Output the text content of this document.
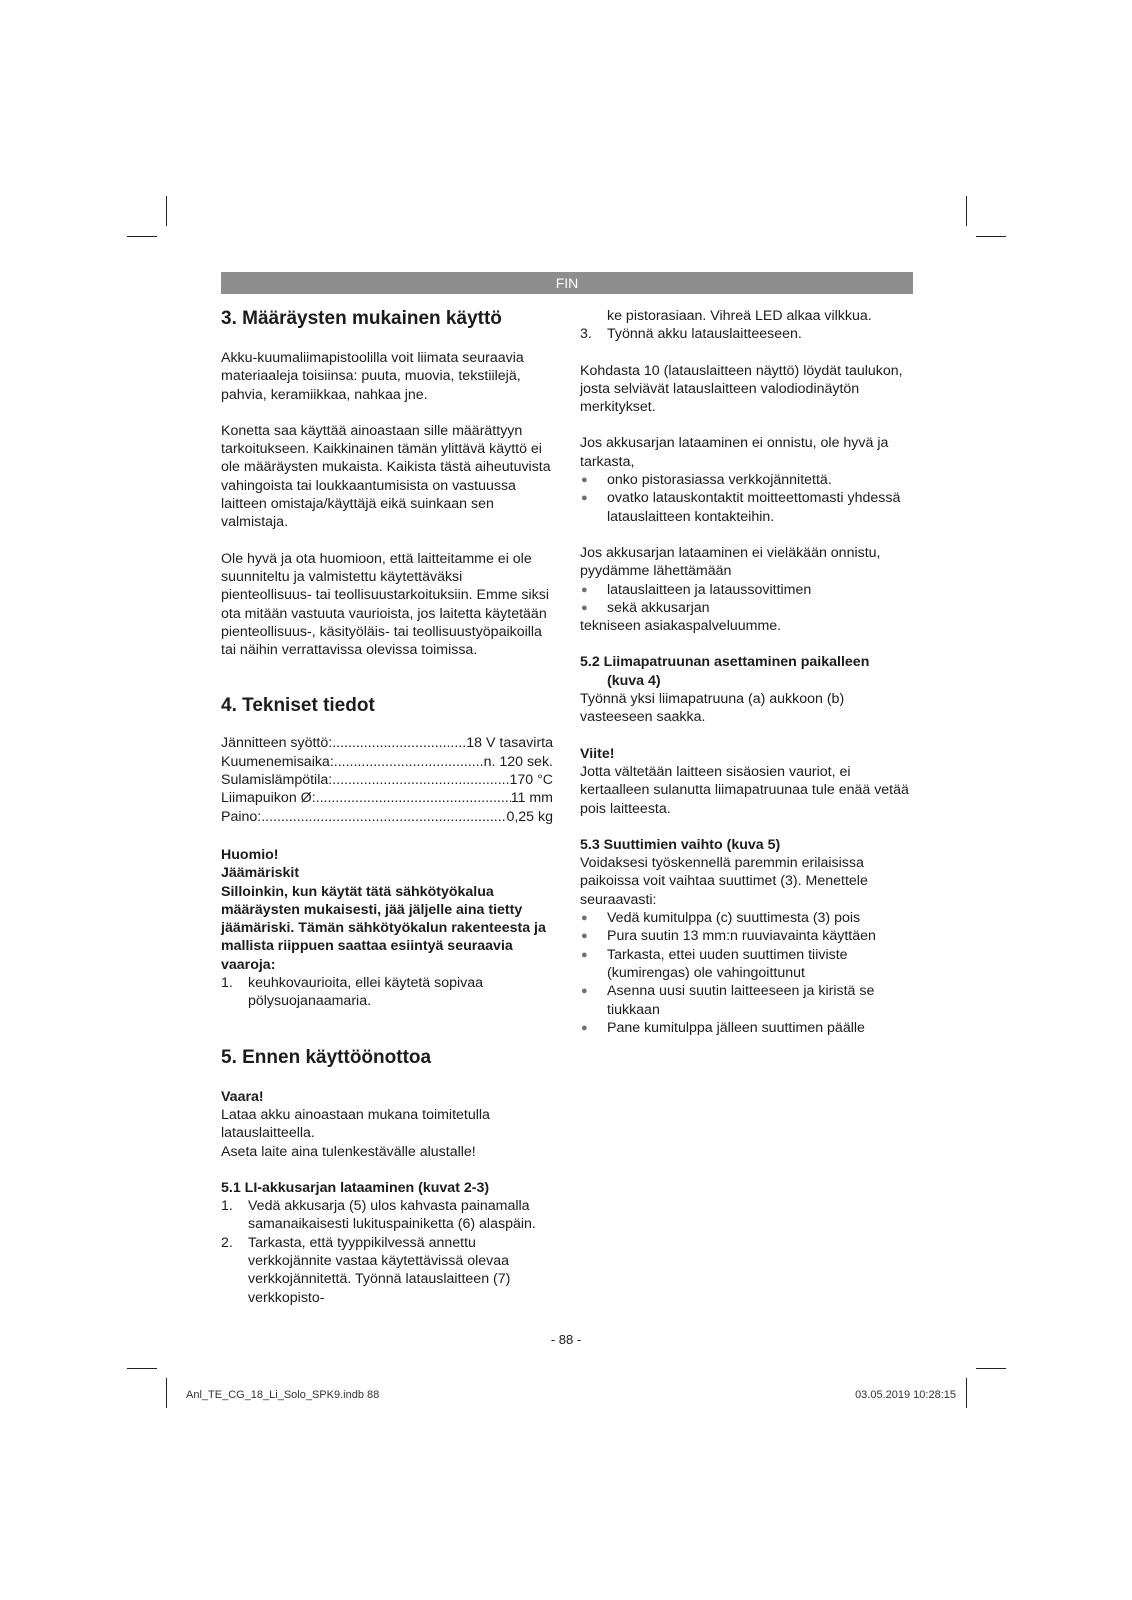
FIN
3. Määräysten mukainen käyttö

Akku-kuumaliimapistoolilla voit liimata seuraavia materiaaleja toisiinsa: puuta, muovia, tekstiilejä, pahvia, keramiikkaa, nahkaa jne.

Konetta saa käyttää ainoastaan sille määrättyyn tarkoitukseen. Kaikkinainen tämän ylittävä käyttö ei ole määräysten mukaista. Kaikista tästä aiheutuvista vahingoista tai loukkaantumisista on vastuussa laitteen omistaja/käyttäjä eikä suinkaan sen valmistaja.

Ole hyvä ja ota huomioon, että laitteitamme ei ole suunniteltu ja valmistettu käytettäväksi pienteollisuus- tai teollisuustarkoituksiin. Emme siksi ota mitään vastuuta vaurioista, jos laitetta käytetään pienteollisuus-, käsityöläis- tai teollisuustyöpaikoilla tai näihin verrattavissa olevissa toimissa.

4. Tekniset tiedot
Jännitteen syöttö: .....	18 V tasavirta
Kuumenemisaika: .....	n. 120 sek.
Sulamislämpötila: .....	170 °C
Liimapuikon Ø: .....	11 mm
Paino: .....	0,25 kg

Huomio!

Jäämäriskit

Silloinkin, kun käytät tätä sähkötyökalua määräysten mukaisesti, jää jäljelle aina tietty jäämäriski. Tämän sähkötyökalun rakenteesta ja mallista riippuen saattaa esiintyä seuraavia vaaroja:

1. keuhkovaurioita, ellei käytetä sopivaa pölysuojanaamaria.
5. Ennen käyttöönottoa

Vaara!

Lataa akku ainoastaan mukana toimitetulla latauslaitteella.

Aseta laite aina tulenkestävälle alustalle!

5.1 LI-akkusarjan lataaminen (kuvat 2-3)
1. Vedä akkusarja (5) ulos kahvasta painamalla samanaikaisesti lukituspainiketta (6) alaspäin.
2. Tarkasta, että tyyppikilvessä annettu verkkojännite vastaa käytettävissä olevaa verkkojännitettä. Työnnä latauslaitteen (7) verkkopisto-

ke pistorasiaan. Vihreä LED alkaa vilkkua.

3. Työnnä akku latauslaitteeseen.

Kohdasta 10 (latauslaitteen näyttö) löydät taulukon, josta selviävät latauslaitteen valodiodinäytön merkitykset.

Jos akkusarjan lataaminen ei onnistu, ole hyvä ja tarkasta,

● onko pistorasiassa verkkojännitettä.
● ovatko latauskontaktit moitteettomasti yhdessä latauslaitteen kontakteihin.

Jos akkusarjan lataaminen ei vieläkään onnistu, pyydämme lähettämään

● latauslaitteen ja lataussovittimen
● sekä akkusarjan

tekniseen asiakaspalveluumme.

5.2 Liimapatruunan asettaminen paikalleen
(kuva 4)

Työnnä yksi liimapatruuna (a) aukkoon (b) vasteeseen saakka.

Viite!

Jotta vältetään laitteen sisäosien vauriot, ei kertaalleen sulanutta liimapatruunaa tule enää vetää pois laitteesta.

5.3 Suuttimien vaihto (kuva 5)

Voidaksesi työskennellä paremmin erilaisissa paikoissa voit vaihtaa suuttimet (3). Menettele seuraavasti:

● Vedä kumitulppa (c) suuttimesta (3) pois
● Pura suutin 13 mm:n ruuviavainta käyttäen
● Tarkasta, ettei uuden suuttimen tiiviste (kumirengas) ole vahingoittunut
● Asenna uusi suutin laitteeseen ja kiristä se tiukkaan
● Pane kumitulppa jälleen suuttimen päälle
- 88 -
Anl_TE_CG_18_Li_Solo_SPK9.indb 88	03.05.2019 10:28:15
